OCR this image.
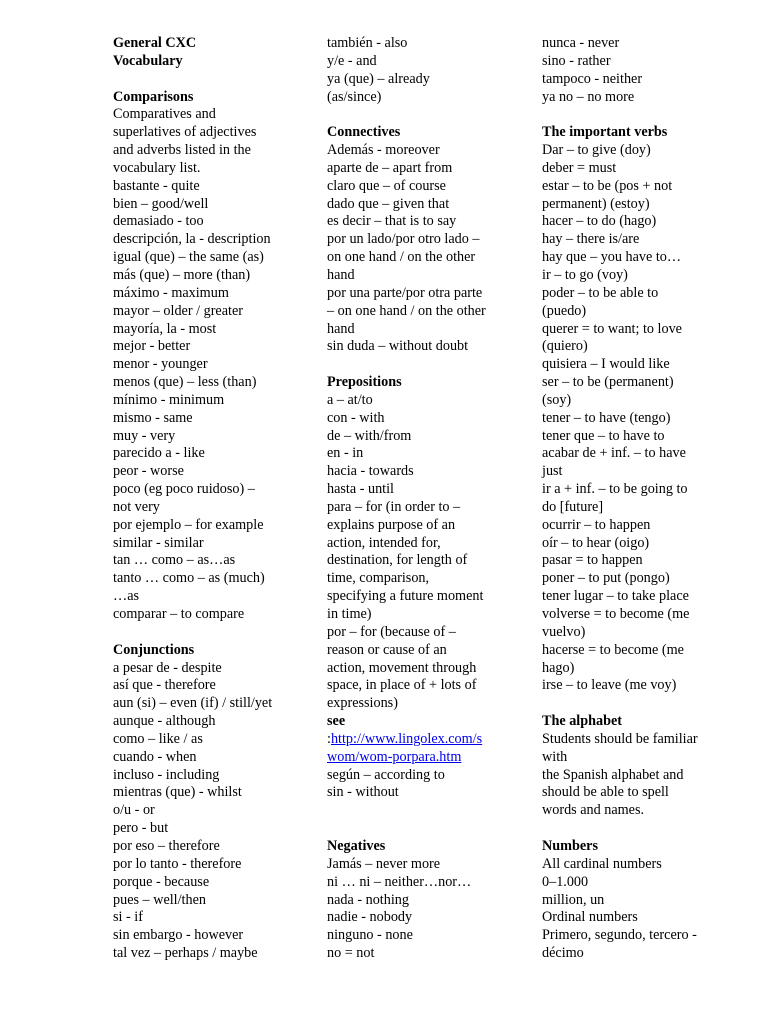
General CXC
Vocabulary
Comparisons
Comparatives and
superlatives of adjectives
and adverbs listed in the
vocabulary list.
bastante - quite
bien – good/well
demasiado - too
descripción, la - description
igual (que) – the same (as)
más (que) – more (than)
máximo - maximum
mayor – older / greater
mayoría, la - most
mejor - better
menor - younger
menos (que) – less (than)
mínimo - minimum
mismo - same
muy - very
parecido a - like
peor - worse
poco (eg poco ruidoso) –
not very
por ejemplo – for example
similar - similar
tan … como – as…as
tanto … como – as (much)
…as
comparar – to compare
Conjunctions
a pesar de - despite
así que - therefore
aun (si) – even (if) / still/yet
aunque - although
como – like / as
cuando - when
incluso - including
mientras (que) - whilst
o/u - or
pero - but
por eso – therefore
por lo tanto - therefore
porque - because
pues – well/then
si - if
sin embargo - however
tal vez – perhaps / maybe
también - also
y/e - and
ya (que) – already
(as/since)
Connectives
Además - moreover
aparte de – apart from
claro que – of course
dado que – given that
es decir – that is to say
por un lado/por otro lado –
on one hand / on the other
hand
por una parte/por otra parte
– on one hand / on the other
hand
sin duda – without doubt
Prepositions
a – at/to
con - with
de – with/from
en - in
hacia - towards
hasta - until
para – for (in order to –
explains purpose of an
action, intended for,
destination, for length of
time, comparison,
specifying a future moment
in time)
por – for (because of –
reason or cause of an
action, movement through
space, in place of + lots of
expressions)
see
:http://www.lingolex.com/s
wom/wom-porpara.htm
según – according to
sin - without
Negatives
Jamás – never more
ni … ni – neither…nor…
nada - nothing
nadie - nobody
ninguno - none
no = not
nunca - never
sino - rather
tampoco - neither
ya no – no more
The important verbs
Dar – to give (doy)
deber = must
estar – to be (pos + not
permanent) (estoy)
hacer – to do (hago)
hay – there is/are
hay que – you have to…
ir – to go (voy)
poder – to be able to
(puedo)
querer = to want; to love
(quiero)
quisiera – I would like
ser – to be (permanent)
(soy)
tener – to have (tengo)
tener que – to have to
acabar de + inf. – to have
just
ir a + inf. – to be going to
do [future]
ocurrir – to happen
oír – to hear (oigo)
pasar = to happen
poner – to put (pongo)
tener lugar – to take place
volverse = to become (me
vuelvo)
hacerse = to become (me
hago)
irse – to leave (me voy)
The alphabet
Students should be familiar
with
the Spanish alphabet and
should be able to spell
words and names.
Numbers
All cardinal numbers
0–1.000
million, un
Ordinal numbers
Primero, segundo, tercero -
décimo
